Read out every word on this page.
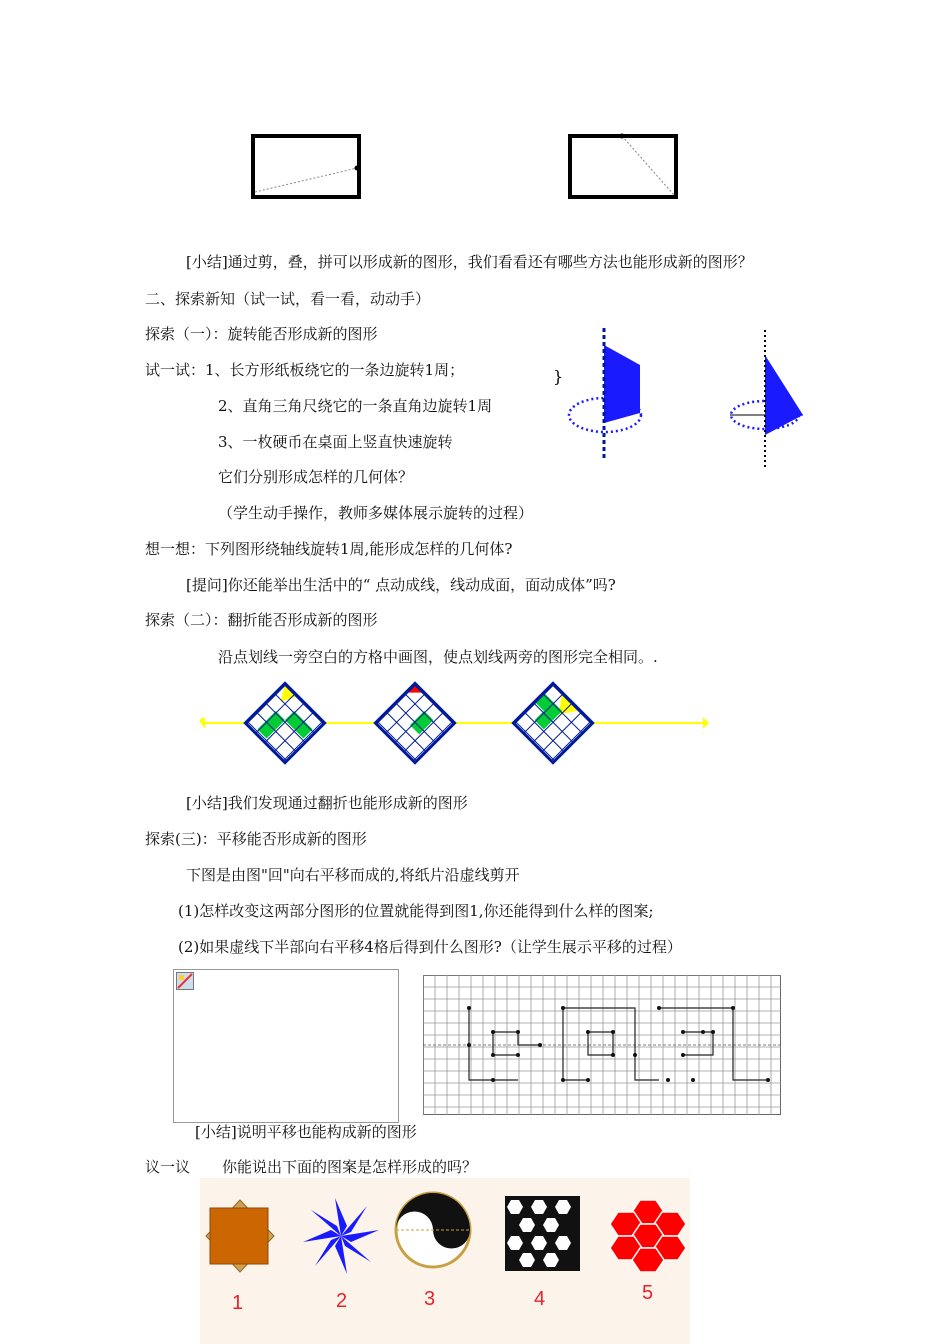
[小结]通过剪，叠，拼可以形成新的图形，我们看看还有哪些方法也能形成新的图形？
二、探索新知（试一试，看一看，动动手）
探索（一）：旋转能否形成新的图形
试一试：1、长方形纸板绕它的一条边旋转1周；
2、直角三角尺绕它的一条直角边旋转1周
3、一枚硬币在桌面上竖直快速旋转
它们分别形成怎样的几何体？
（学生动手操作，教师多媒体展示旋转的过程）
}
想一想：下列图形绕轴线旋转1周,能形成怎样的几何体?
[提问]你还能举出生活中的“ 点动成线，线动成面，面动成体”吗?
探索（二）：翻折能否形成新的图形
沿点划线一旁空白的方格中画图，使点划线两旁的图形完全相同。.
[小结]我们发现通过翻折也能形成新的图形
探索(三)：平移能否形成新的图形
下图是由图"回"向右平移而成的,将纸片沿虚线剪开
(1)怎样改变这两部分图形的位置就能得到图1,你还能得到什么样的图案;
(2)如果虚线下半部向右平移4格后得到什么图形?（让学生展示平移的过程）
[小结]说明平移也能构成新的图形
议一议 你能说出下面的图案是怎样形成的吗？
1	2	3	4	5
